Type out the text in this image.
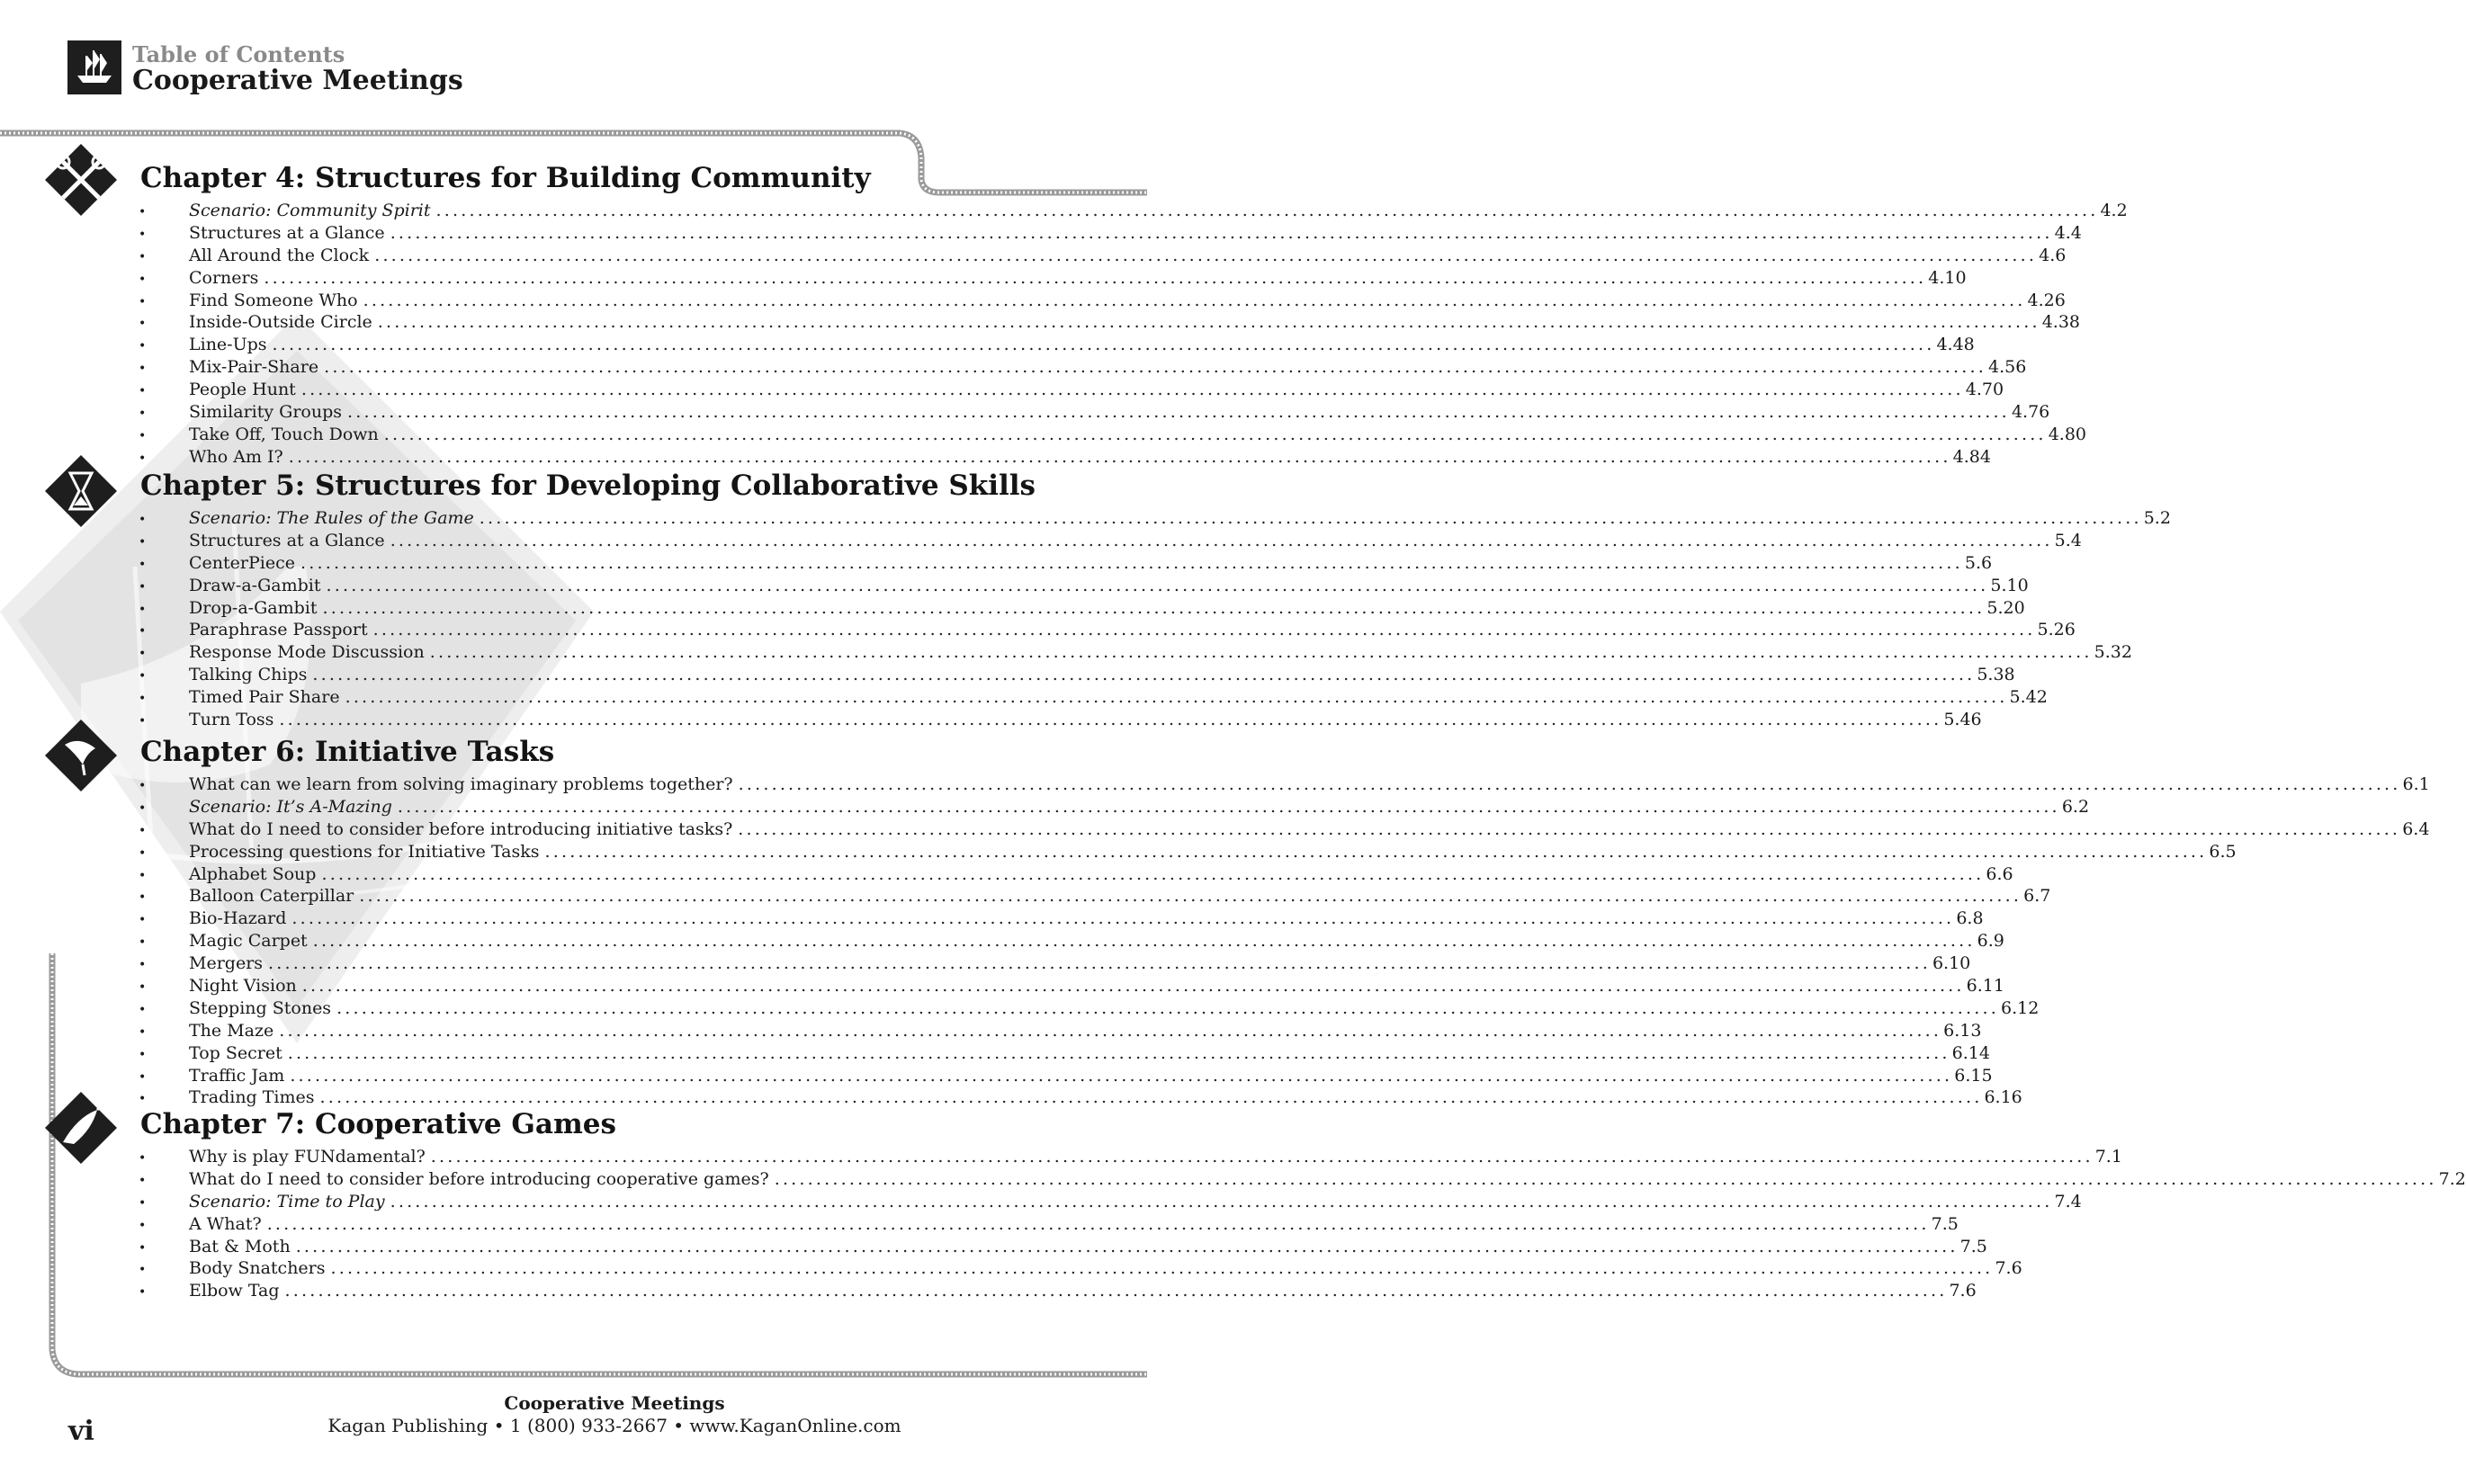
Table of Contents
Cooperative Meetings
Chapter 4: Structures for Building Community
•	Scenario: Community Spirit ........................................................................................................................................................................................................ 4.2
•	Structures at a Glance ........................................................................................................................................................................................................ 4.4
•	All Around the Clock ........................................................................................................................................................................................................ 4.6
•	Corners ........................................................................................................................................................................................................ 4.10
•	Find Someone Who ........................................................................................................................................................................................................ 4.26
•	Inside-Outside Circle ........................................................................................................................................................................................................ 4.38
•	Line-Ups ........................................................................................................................................................................................................ 4.48
•	Mix-Pair-Share ........................................................................................................................................................................................................ 4.56
•	People Hunt ........................................................................................................................................................................................................ 4.70
•	Similarity Groups ........................................................................................................................................................................................................ 4.76
•	Take Off, Touch Down ........................................................................................................................................................................................................ 4.80
•	Who Am I? ........................................................................................................................................................................................................ 4.84
Chapter 5: Structures for Developing Collaborative Skills
•	Scenario: The Rules of the Game ........................................................................................................................................................................................................ 5.2
•	Structures at a Glance ........................................................................................................................................................................................................ 5.4
•	CenterPiece ........................................................................................................................................................................................................ 5.6
•	Draw-a-Gambit ........................................................................................................................................................................................................ 5.10
•	Drop-a-Gambit ........................................................................................................................................................................................................ 5.20
•	Paraphrase Passport ........................................................................................................................................................................................................ 5.26
•	Response Mode Discussion ........................................................................................................................................................................................................ 5.32
•	Talking Chips ........................................................................................................................................................................................................ 5.38
•	Timed Pair Share ........................................................................................................................................................................................................ 5.42
•	Turn Toss ........................................................................................................................................................................................................ 5.46
Chapter 6: Initiative Tasks
•	What can we learn from solving imaginary problems together? ........................................................................................................................................................................................................ 6.1
•	Scenario: It’s A-Mazing ........................................................................................................................................................................................................ 6.2
•	What do I need to consider before introducing initiative tasks? ........................................................................................................................................................................................................ 6.4
•	Processing questions for Initiative Tasks ........................................................................................................................................................................................................ 6.5
•	Alphabet Soup ........................................................................................................................................................................................................ 6.6
•	Balloon Caterpillar ........................................................................................................................................................................................................ 6.7
•	Bio-Hazard ........................................................................................................................................................................................................ 6.8
•	Magic Carpet ........................................................................................................................................................................................................ 6.9
•	Mergers ........................................................................................................................................................................................................ 6.10
•	Night Vision ........................................................................................................................................................................................................ 6.11
•	Stepping Stones ........................................................................................................................................................................................................ 6.12
•	The Maze ........................................................................................................................................................................................................ 6.13
•	Top Secret ........................................................................................................................................................................................................ 6.14
•	Traffic Jam ........................................................................................................................................................................................................ 6.15
•	Trading Times ........................................................................................................................................................................................................ 6.16
Chapter 7: Cooperative Games
•	Why is play FUNdamental? ........................................................................................................................................................................................................ 7.1
•	What do I need to consider before introducing cooperative games? ........................................................................................................................................................................................................ 7.2
•	Scenario: Time to Play ........................................................................................................................................................................................................ 7.4
•	A What? ........................................................................................................................................................................................................ 7.5
•	Bat & Moth ........................................................................................................................................................................................................ 7.5
•	Body Snatchers ........................................................................................................................................................................................................ 7.6
•	Elbow Tag ........................................................................................................................................................................................................ 7.6
Cooperative Meetings
Kagan Publishing • 1 (800) 933-2667 • www.KaganOnline.com
vi
